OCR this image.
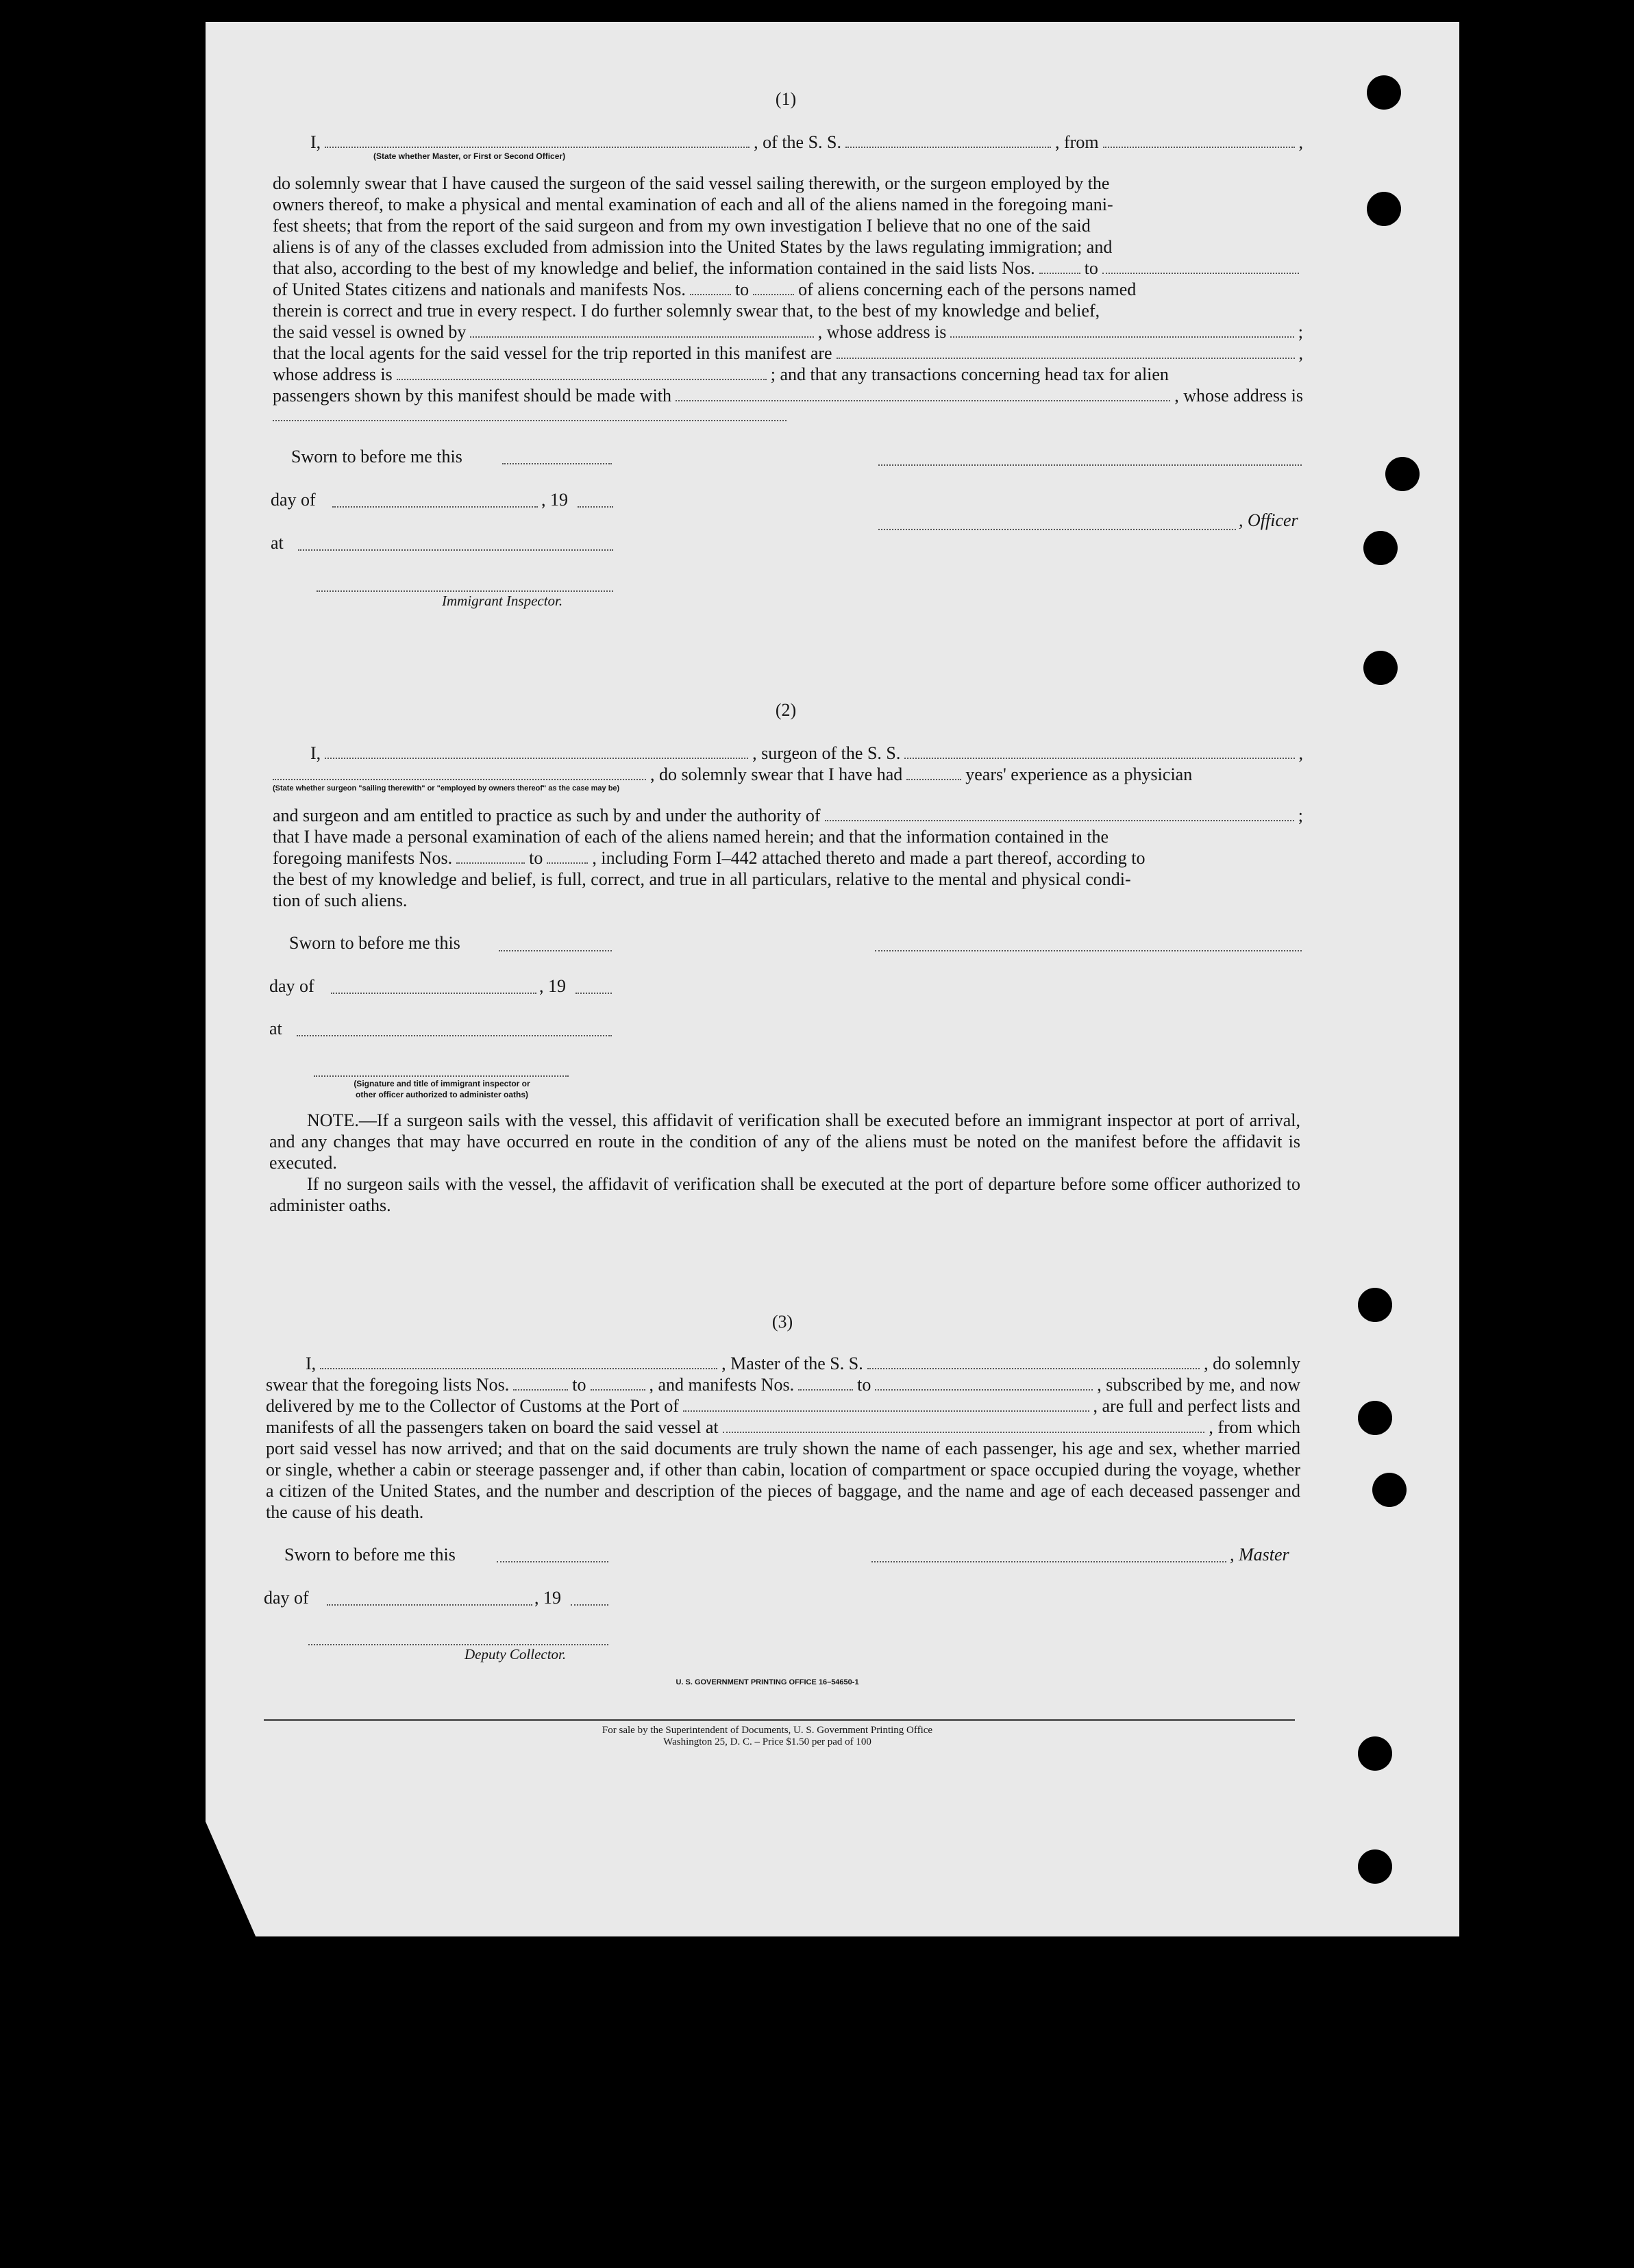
(1)
I,	, of the S. S.	, from	,
(State whether Master, or First or Second Officer)
do solemnly swear that I have caused the surgeon of the said vessel sailing therewith, or the surgeon employed by the
owners thereof, to make a physical and mental examination of each and all of the aliens named in the foregoing mani-
fest sheets; that from the report of the said surgeon and from my own investigation I believe that no one of the said
aliens is of any of the classes excluded from admission into the United States by the laws regulating immigration; and
that also, according to the best of my knowledge and belief, the information contained in the said lists Nos.	to
of United States citizens and nationals and manifests Nos.	to	of aliens concerning each of the persons named
therein is correct and true in every respect. I do further solemnly swear that, to the best of my knowledge and belief,
the said vessel is owned by	, whose address is	;
that the local agents for the said vessel for the trip reported in this manifest are	,
whose address is	; and that any transactions concerning head tax for alien
passengers shown by this manifest should be made with	, whose address is
Sworn to before me this
day of	, 19
at
Immigrant Inspector.
, Officer
(2)
I,	, surgeon of the S. S.	,
, do solemnly swear that I have had	years' experience as a physician
(State whether surgeon "sailing therewith" or "employed by owners thereof" as the case may be)
and surgeon and am entitled to practice as such by and under the authority of	;
that I have made a personal examination of each of the aliens named herein; and that the information contained in the
foregoing manifests Nos.	to	, including Form I–442 attached thereto and made a part thereof, according to
the best of my knowledge and belief, is full, correct, and true in all particulars, relative to the mental and physical condi-
tion of such aliens.
Sworn to before me this
day of	, 19
at
(Signature and title of immigrant inspector or
other officer authorized to administer oaths)

NOTE.—If a surgeon sails with the vessel, this affidavit of verification shall be executed before an immigrant inspector at port of arrival, and any changes that may have occurred en route in the condition of any of the aliens must be noted on the manifest before the affidavit is executed.

If no surgeon sails with the vessel, the affidavit of verification shall be executed at the port of departure before some officer authorized to administer oaths.

(3)
I,	, Master of the S. S.	, do solemnly
swear that the foregoing lists Nos.	to	, and manifests Nos.	to	, subscribed by me, and now
delivered by me to the Collector of Customs at the Port of	, are full and perfect lists and
manifests of all the passengers taken on board the said vessel at	, from which

port said vessel has now arrived; and that on the said documents are truly shown the name of each passenger, his age and sex, whether married or single, whether a cabin or steerage passenger and, if other than cabin, location of compartment or space occupied during the voyage, whether a citizen of the United States, and the number and description of the pieces of baggage, and the name and age of each deceased passenger and the cause of his death.

Sworn to before me this	, Master
day of	, 19
Deputy Collector.
U. S. GOVERNMENT PRINTING OFFICE 16–54650-1
For sale by the Superintendent of Documents, U. S. Government Printing Office
Washington 25, D. C. – Price $1.50 per pad of 100
